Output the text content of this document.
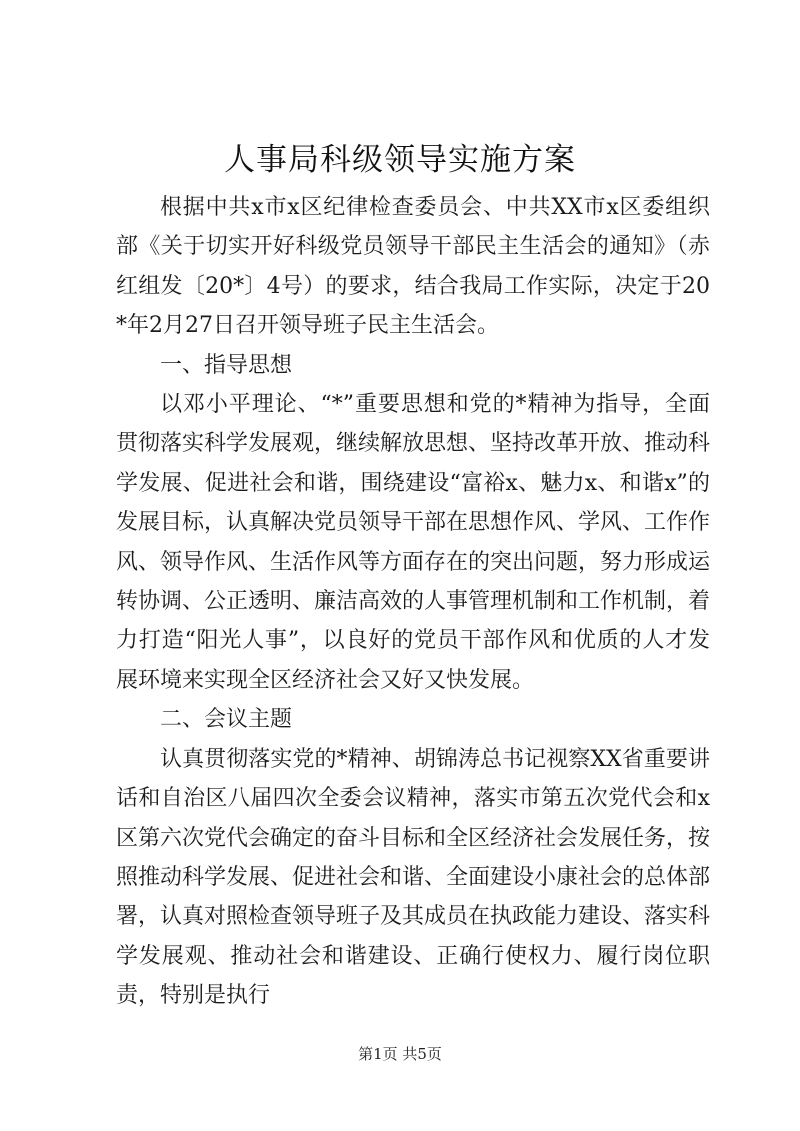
人事局科级领导实施方案

根据中共x市x区纪律检查委员会、中共XX市x区委组织部《关于切实开好科级党员领导干部民主生活会的通知》（赤红组发〔20*〕4号）的要求，结合我局工作实际，决定于20*年2月27日召开领导班子民主生活会。

一、指导思想

以邓小平理论、“*”重要思想和党的*精神为指导，全面贯彻落实科学发展观，继续解放思想、坚持改革开放、推动科学发展、促进社会和谐，围绕建设“富裕x、魅力x、和谐x”的发展目标，认真解决党员领导干部在思想作风、学风、工作作风、领导作风、生活作风等方面存在的突出问题，努力形成运转协调、公正透明、廉洁高效的人事管理机制和工作机制，着力打造“阳光人事”，以良好的党员干部作风和优质的人才发展环境来实现全区经济社会又好又快发展。

二、会议主题

认真贯彻落实党的*精神、胡锦涛总书记视察XX省重要讲话和自治区八届四次全委会议精神，落实市第五次党代会和x区第六次党代会确定的奋斗目标和全区经济社会发展任务，按照推动科学发展、促进社会和谐、全面建设小康社会的总体部署，认真对照检查领导班子及其成员在执政能力建设、落实科学发展观、推动社会和谐建设、正确行使权力、履行岗位职责，特别是执行

第1页 共5页
